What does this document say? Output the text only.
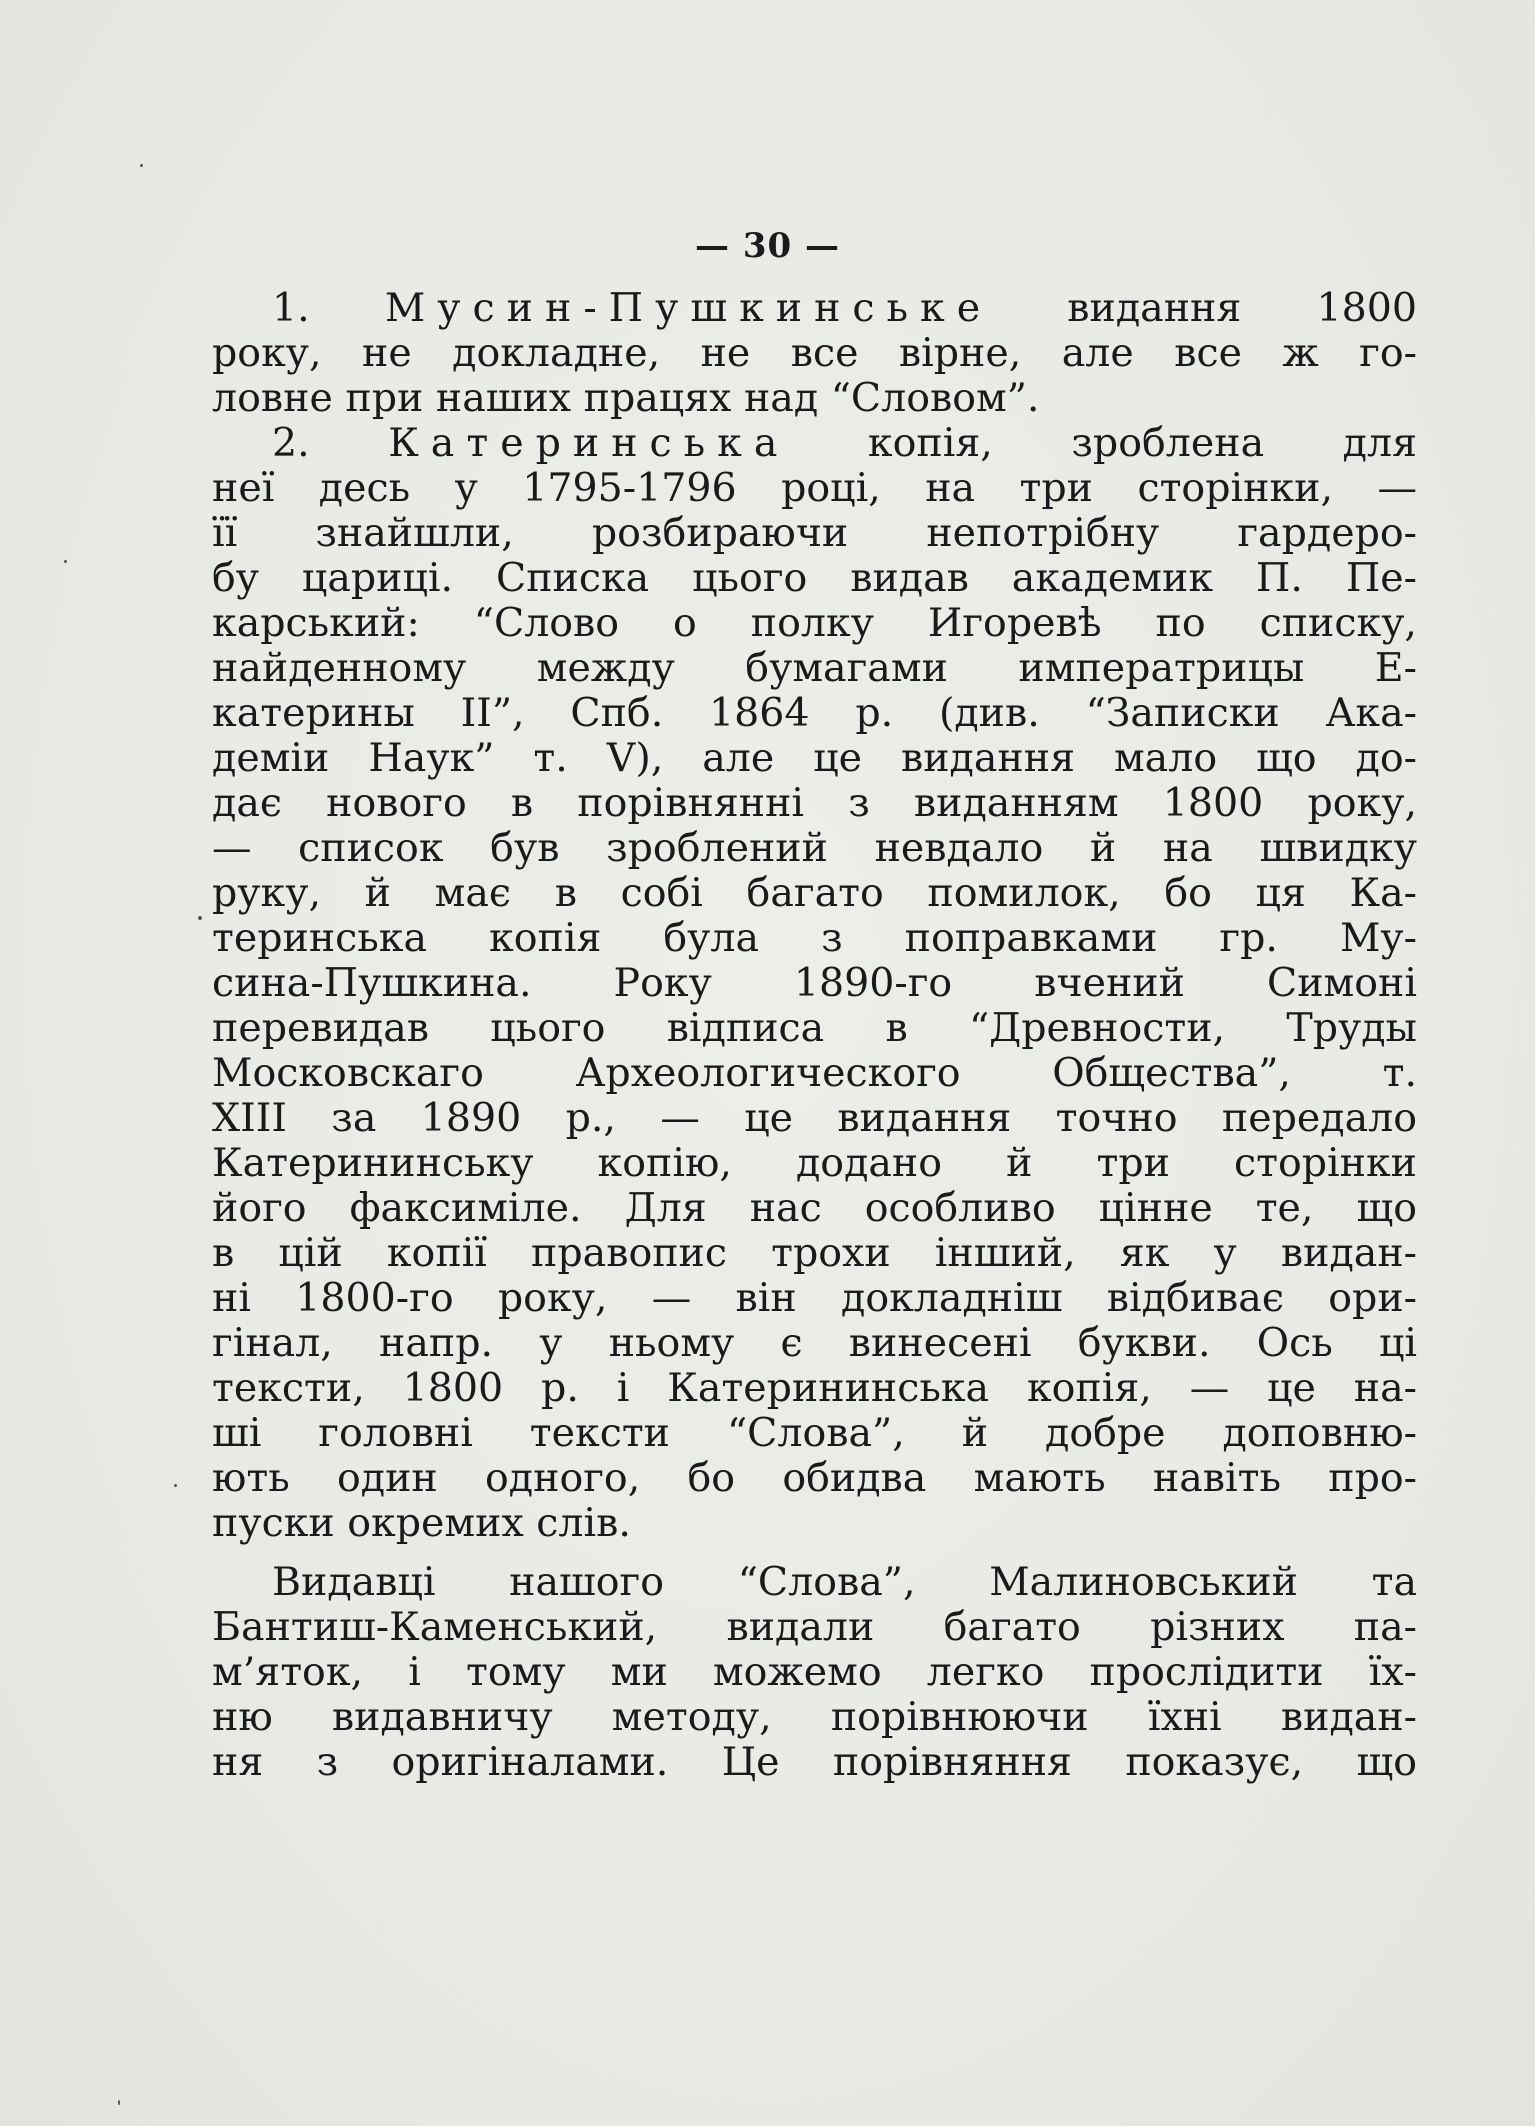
— 30 —
1. Мусин-Пушкинське видання 1800
року, не докладне, не все вірне, але все ж го-
ловне при наших працях над “Словом”.
2. Катеринська копія, зроблена для
неї десь у 1795-1796 році, на три сторінки, —
її знайшли, розбираючи непотрібну гардеро-
бу цариці. Списка цього видав академик П. Пе-
карський: “Слово о полку Игоревѣ по списку,
найденному между бумагами императрицы Е-
катерины II”, Спб. 1864 р. (див. “Записки Ака-
демiи Наук” т. V), але це видання мало що до-
дає нового в порівнянні з виданням 1800 року,
— список був зроблений невдало й на швидку
руку, й має в собі багато помилок, бо ця Ка-
теринська копія була з поправками гр. Му-
сина-Пушкина. Року 1890-го вчений Симоні
перевидав цього відписа в “Древности, Труды
Московскаго Археологического Общества”, т.
XIII за 1890 р., — це видання точно передало
Катерининську копію, додано й три сторінки
його факсиміле. Для нас особливо цінне те, що
в цій копії правопис трохи інший, як у видан-
ні 1800-го року, — він докладніш відбиває ори-
гінал, напр. у ньому є винесені букви. Ось ці
тексти, 1800 р. і Катерининська копія, — це на-
ші головні тексти “Слова”, й добре доповню-
ють один одного, бо обидва мають навіть про-
пуски окремих слів.
Видавці нашого “Слова”, Малиновський та
Бантиш-Каменський, видали багато різних па-
м’яток, і тому ми можемо легко прослідити їх-
ню видавничу методу, порівнюючи їхні видан-
ня з оригіналами. Це порівняння показує, що
